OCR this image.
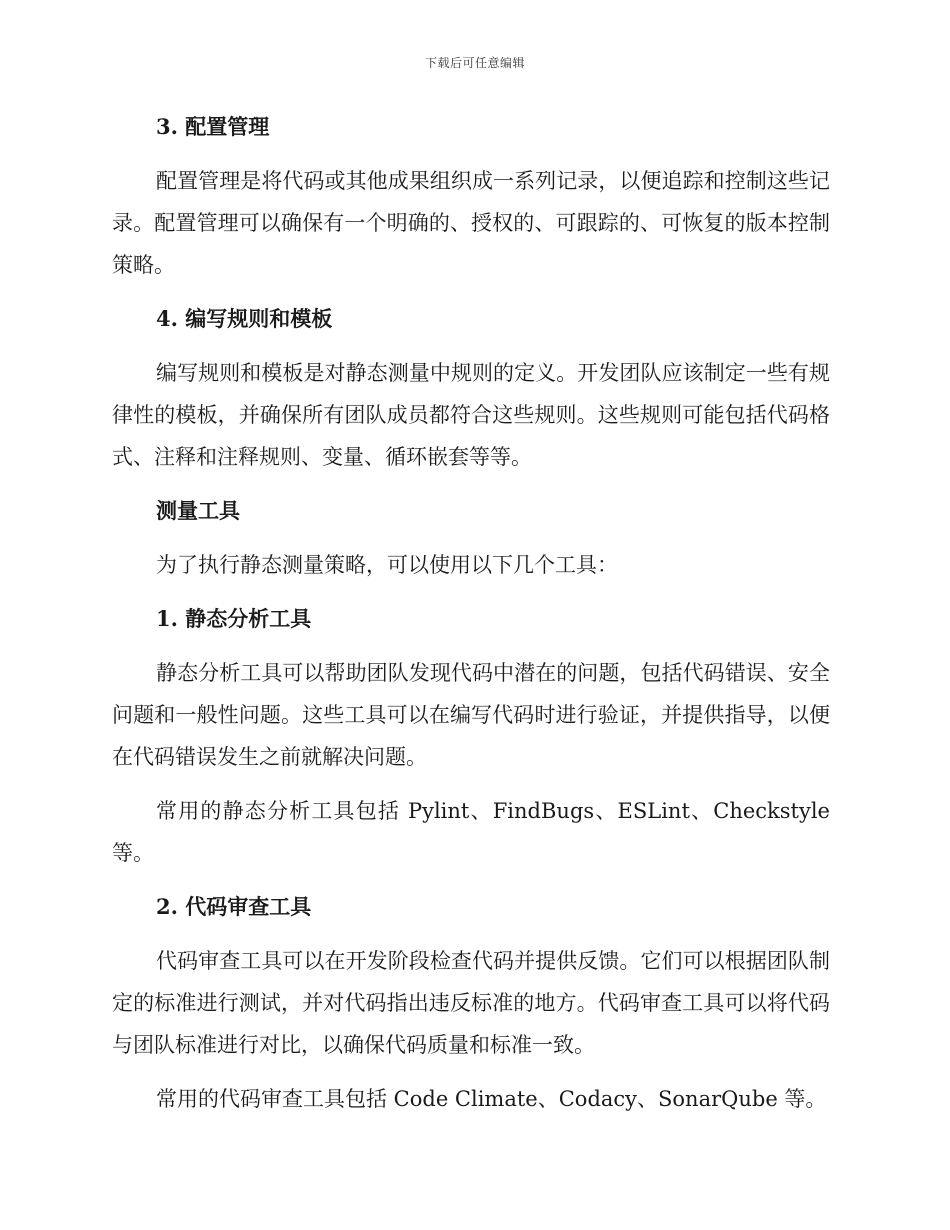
下载后可任意编辑
3. 配置管理

配置管理是将代码或其他成果组织成一系列记录，以便追踪和控制这些记录。配置管理可以确保有一个明确的、授权的、可跟踪的、可恢复的版本控制策略。

4. 编写规则和模板

编写规则和模板是对静态测量中规则的定义。开发团队应该制定一些有规律性的模板，并确保所有团队成员都符合这些规则。这些规则可能包括代码格式、注释和注释规则、变量、循环嵌套等等。

测量工具

为了执行静态测量策略，可以使用以下几个工具：

1. 静态分析工具

静态分析工具可以帮助团队发现代码中潜在的问题，包括代码错误、安全问题和一般性问题。这些工具可以在编写代码时进行验证，并提供指导，以便在代码错误发生之前就解决问题。

常用的静态分析工具包括 Pylint、FindBugs、ESLint、Checkstyle 等。

2. 代码审查工具

代码审查工具可以在开发阶段检查代码并提供反馈。它们可以根据团队制定的标准进行测试，并对代码指出违反标准的地方。代码审查工具可以将代码与团队标准进行对比，以确保代码质量和标准一致。

常用的代码审查工具包括 Code Climate、Codacy、SonarQube 等。
